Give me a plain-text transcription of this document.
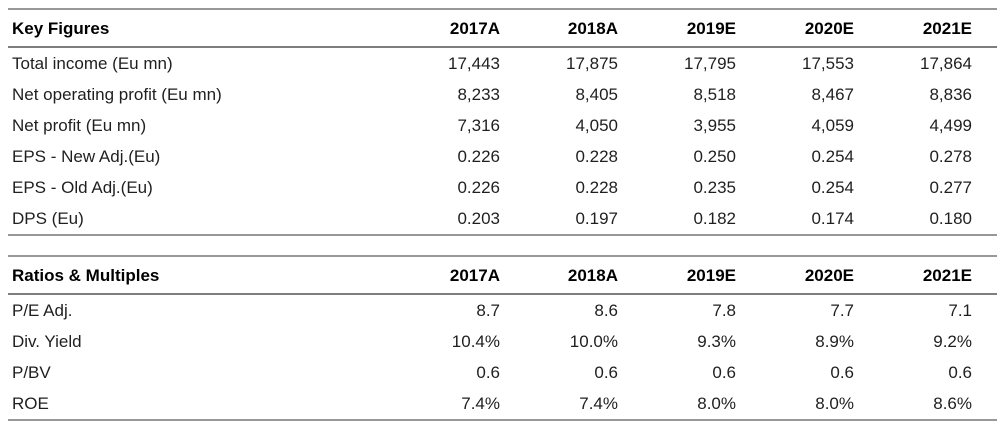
Key Figures	2017A	2018A	2019E	2020E	2021E
Total income (Eu mn)	17,443	17,875	17,795	17,553	17,864
Net operating profit (Eu mn)	8,233	8,405	8,518	8,467	8,836
Net profit (Eu mn)	7,316	4,050	3,955	4,059	4,499
EPS - New Adj.(Eu)	0.226	0.228	0.250	0.254	0.278
EPS - Old Adj.(Eu)	0.226	0.228	0.235	0.254	0.277
DPS (Eu)	0.203	0.197	0.182	0.174	0.180
Ratios & Multiples	2017A	2018A	2019E	2020E	2021E
P/E Adj.	8.7	8.6	7.8	7.7	7.1
Div. Yield	10.4%	10.0%	9.3%	8.9%	9.2%
P/BV	0.6	0.6	0.6	0.6	0.6
ROE	7.4%	7.4%	8.0%	8.0%	8.6%
